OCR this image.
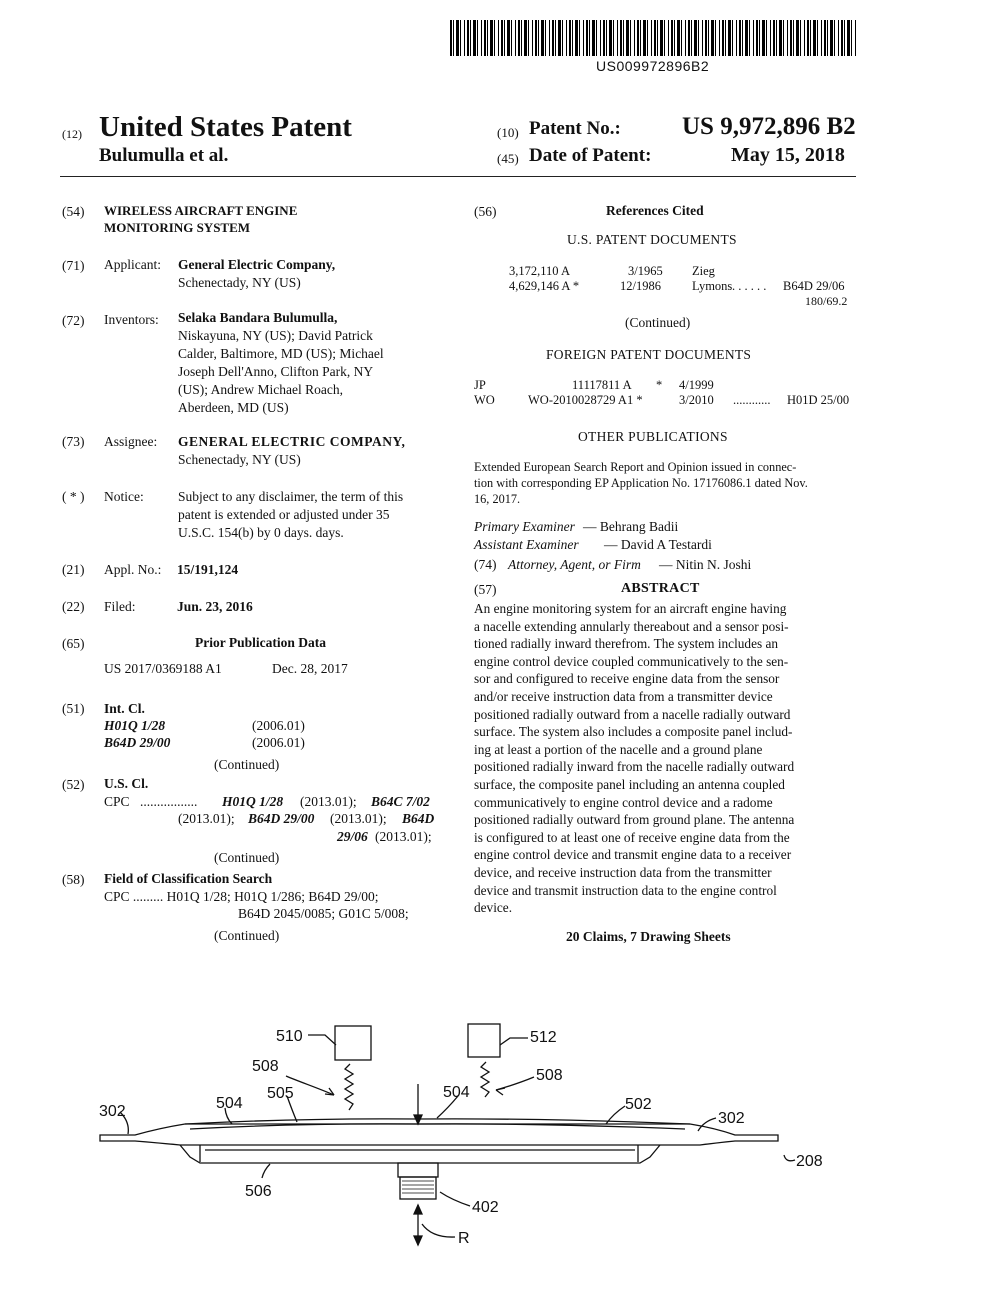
US009972896B2
(12) United States Patent
Bulumulla et al.
(10) Patent No.: US 9,972,896 B2
(45) Date of Patent:	May 15, 2018
(54) WIRELESS AIRCRAFT ENGINE
MONITORING SYSTEM
(71) Applicant: General Electric Company,
Schenectady, NY (US)
(72) Inventors: Selaka Bandara Bulumulla,
Niskayuna, NY (US); David Patrick
Calder, Baltimore, MD (US); Michael
Joseph Dell'Anno, Clifton Park, NY
(US); Andrew Michael Roach,
Aberdeen, MD (US)
(73) Assignee: GENERAL ELECTRIC COMPANY,
Schenectady, NY (US)
( * ) Notice:	Subject to any disclaimer, the term of this
patent is extended or adjusted under 35
U.S.C. 154(b) by 0 days. days.
(21) Appl. No.: 15/191,124
(22) Filed:	Jun. 23, 2016
(65)	Prior Publication Data
US 2017/0369188 A1	Dec. 28, 2017
(51) Int. Cl.
H01Q 1/28	(2006.01)
B64D 29/00	(2006.01)
(Continued)
(52) U.S. Cl.
CPC ................. H01Q 1/28 (2013.01); B64C 7/02
(2013.01); B64D 29/00 (2013.01); B64D
29/06 (2013.01);
(Continued)
(58) Field of Classification Search
CPC ......... H01Q 1/28; H01Q 1/286; B64D 29/00;
B64D 2045/0085; G01C 5/008;
(Continued)
(56)	References Cited
U.S. PATENT DOCUMENTS
3,172,110 A	3/1965 Zieg
4,629,146 A *	12/1986 Lymons . . . . . . B64D 29/06
180/69.2
(Continued)
FOREIGN PATENT DOCUMENTS
JP	11117811 A * 4/1999
WO	WO-2010028729 A1 *	3/2010 ............ H01D 25/00
OTHER PUBLICATIONS
Extended European Search Report and Opinion issued in connec-
tion with corresponding EP Application No. 17176086.1 dated Nov.
16, 2017.
Primary Examiner — Behrang Badii
Assistant Examiner — David A Testardi
(74) Attorney, Agent, or Firm — Nitin N. Joshi
(57)	ABSTRACT
An engine monitoring system for an aircraft engine having
a nacelle extending annularly thereabout and a sensor posi-
tioned radially inward therefrom. The system includes an
engine control device coupled communicatively to the sen-
sor and configured to receive engine data from the sensor
and/or receive instruction data from a transmitter device
positioned radially outward from a nacelle radially outward
surface. The system also includes a composite panel includ-
ing at least a portion of the nacelle and a ground plane
positioned radially inward from the nacelle radially outward
surface, the composite panel including an antenna coupled
communicatively to engine control device and a radome
positioned radially outward from ground plane. The antenna
is configured to at least one of receive engine data from the
engine control device and transmit engine data to a receiver
device, and receive instruction data from the transmitter
device and transmit instruction data to the engine control
device.
20 Claims, 7 Drawing Sheets
510	512
508
508
505
504
504
502
302	302
208
506
402
R
